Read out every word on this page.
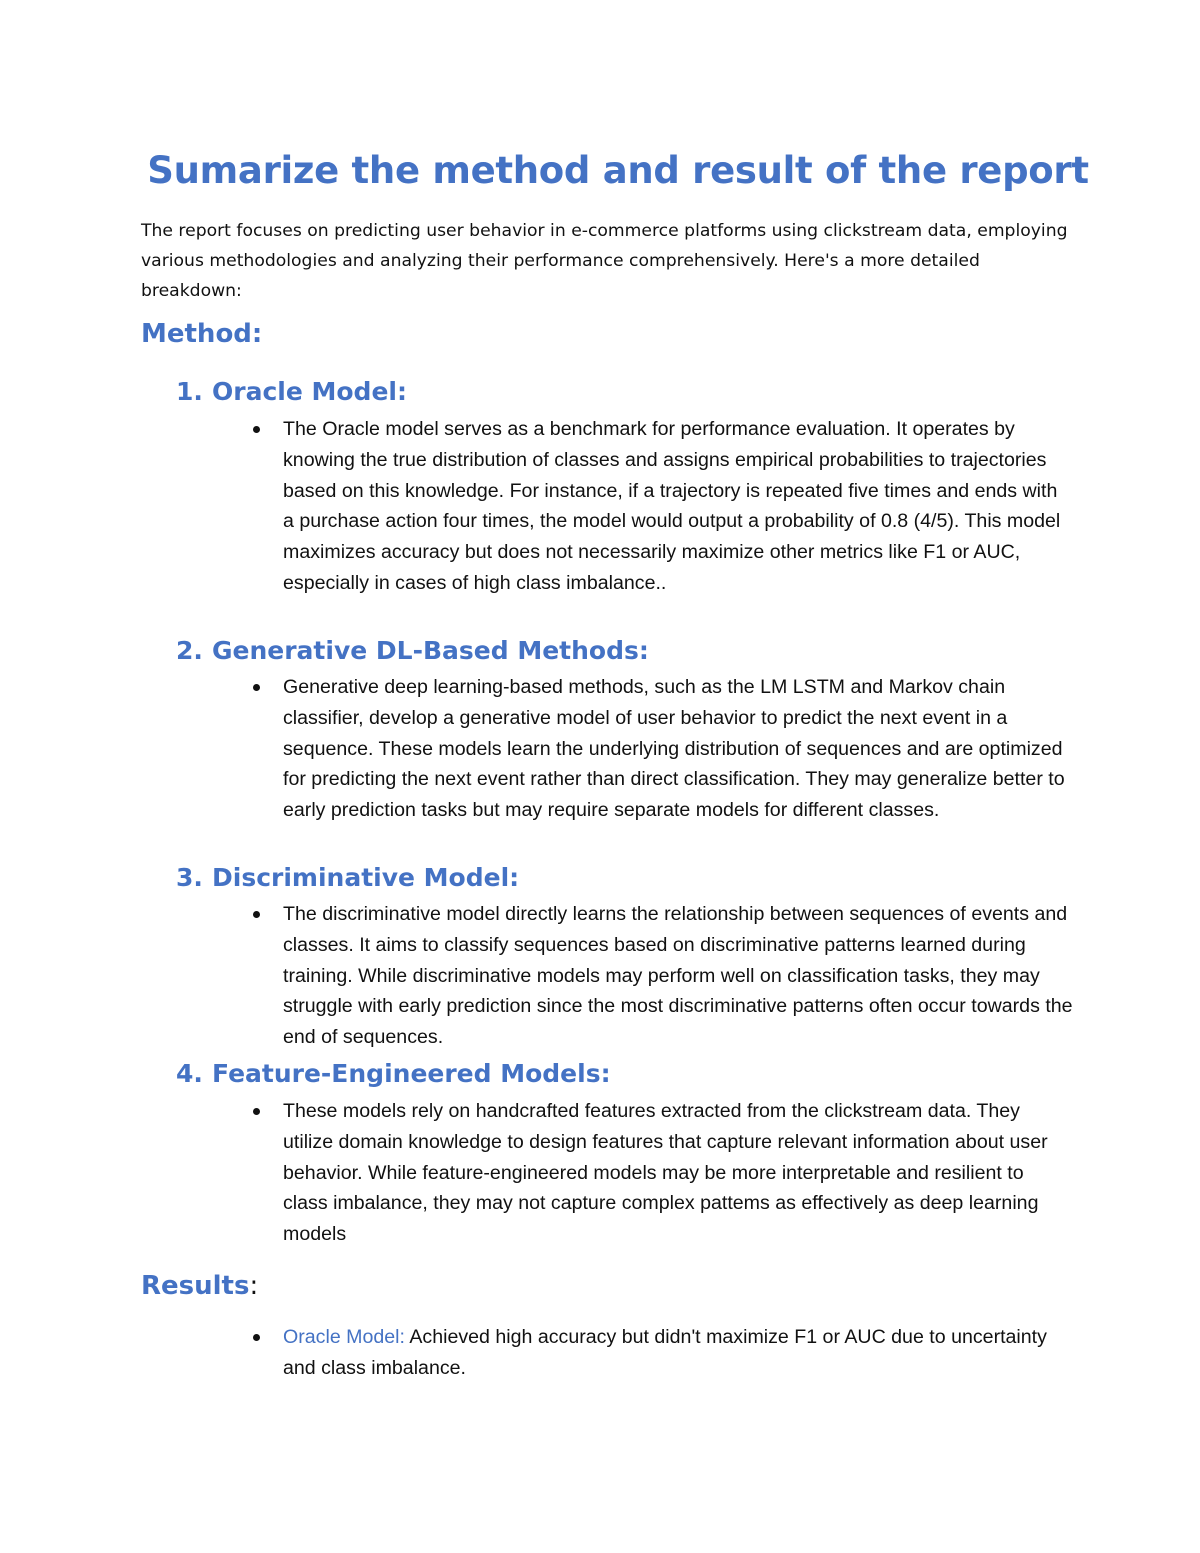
Sumarize the method and result of the report
The report focuses on predicting user behavior in e-commerce platforms using clickstream data, employing various methodologies and analyzing their performance comprehensively. Here's a more detailed breakdown:
Method:
1. Oracle Model:
The Oracle model serves as a benchmark for performance evaluation. It operates by knowing the true distribution of classes and assigns empirical probabilities to trajectories based on this knowledge. For instance, if a trajectory is repeated five times and ends with a purchase action four times, the model would output a probability of 0.8 (4/5). This model maximizes accuracy but does not necessarily maximize other metrics like F1 or AUC, especially in cases of high class imbalance..
2. Generative DL-Based Methods:
Generative deep learning-based methods, such as the LM LSTM and Markov chain classifier, develop a generative model of user behavior to predict the next event in a sequence. These models learn the underlying distribution of sequences and are optimized for predicting the next event rather than direct classification. They may generalize better to early prediction tasks but may require separate models for different classes.
3. Discriminative Model:
The discriminative model directly learns the relationship between sequences of events and classes. It aims to classify sequences based on discriminative patterns learned during training. While discriminative models may perform well on classification tasks, they may struggle with early prediction since the most discriminative patterns often occur towards the end of sequences.
4. Feature-Engineered Models:
These models rely on handcrafted features extracted from the clickstream data. They utilize domain knowledge to design features that capture relevant information about user behavior. While feature-engineered models may be more interpretable and resilient to class imbalance, they may not capture complex pattems as effectively as deep learning models
Results:
Oracle Model: Achieved high accuracy but didn't maximize F1 or AUC due to uncertainty and class imbalance.
